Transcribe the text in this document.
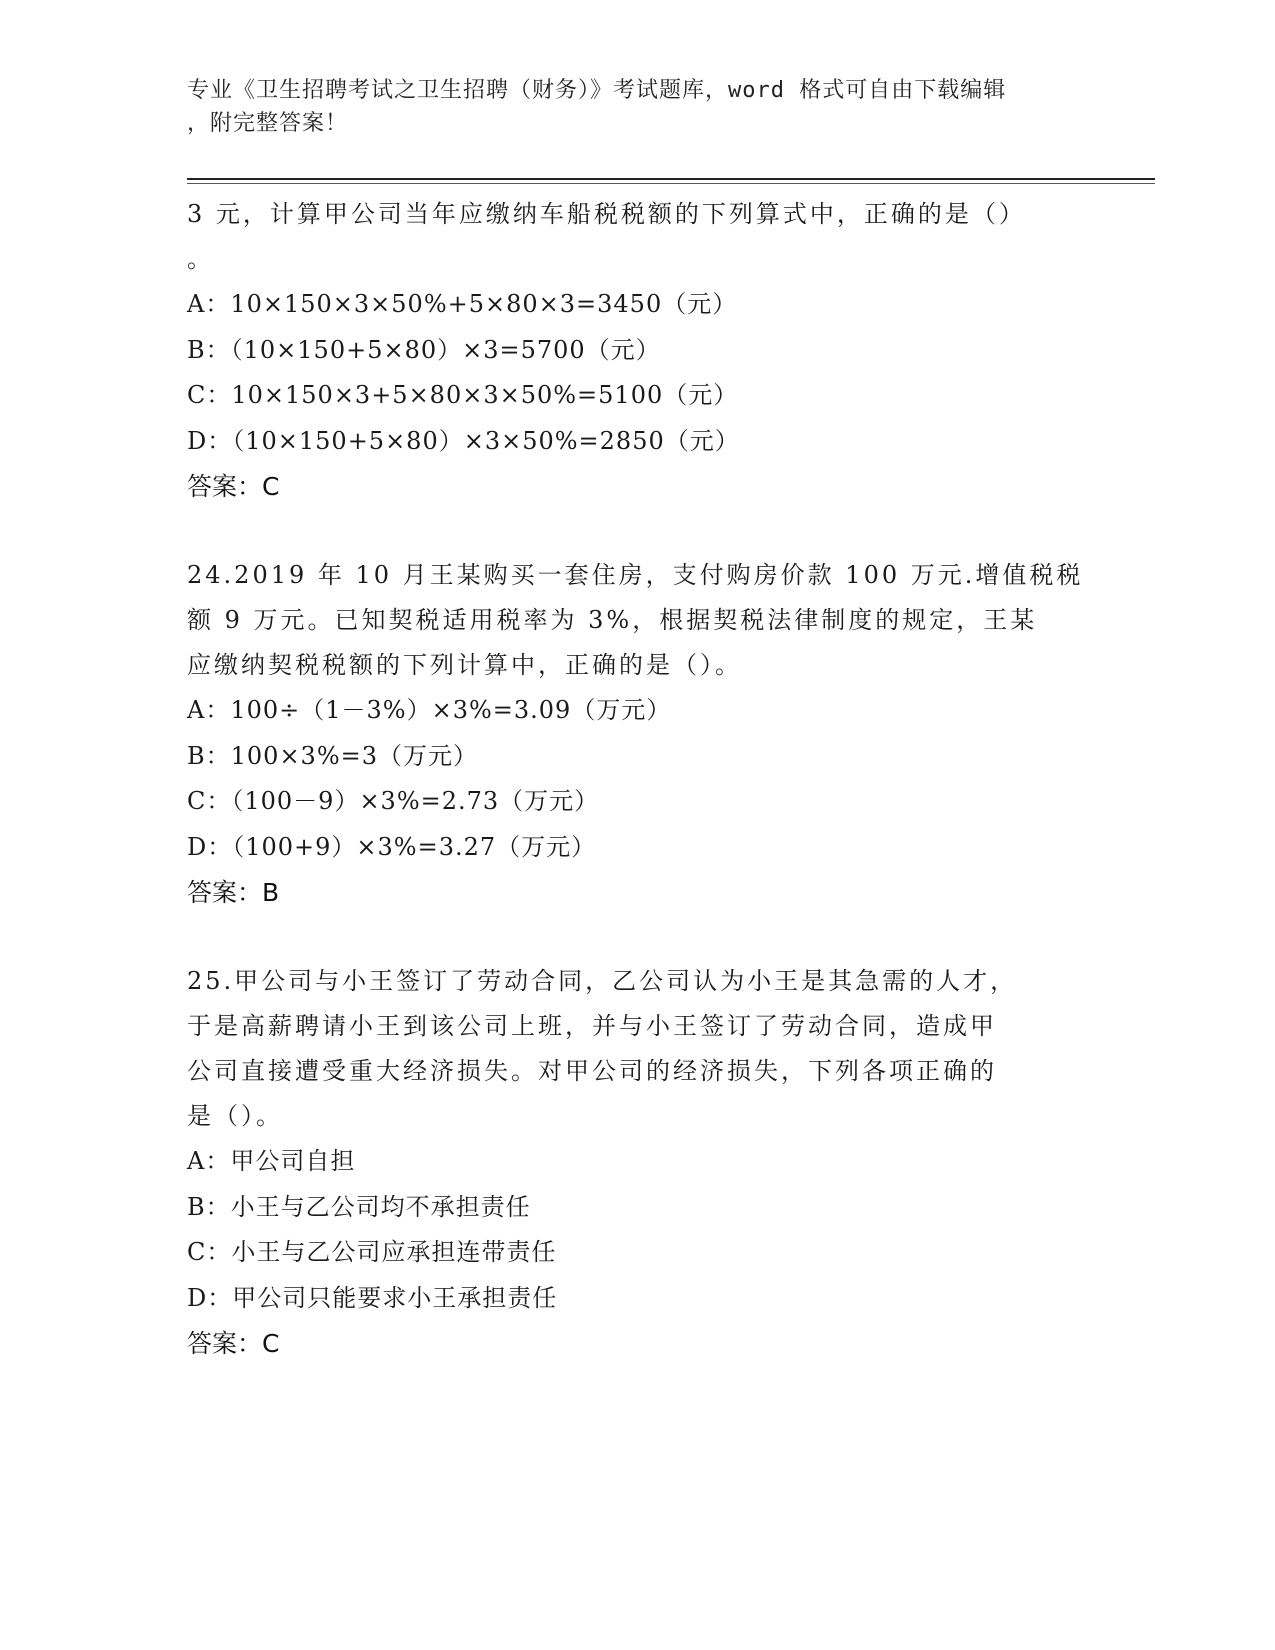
专业《卫生招聘考试之卫生招聘（财务）》考试题库，word 格式可自由下载编辑
，附完整答案！
3 元，计算甲公司当年应缴纳车船税税额的下列算式中，正确的是（）
。
A：10×150×3×50%+5×80×3=3450（元）
B：（10×150+5×80）×3=5700（元）
C：10×150×3+5×80×3×50%=5100（元）
D：（10×150+5×80）×3×50%=2850（元）
答案：C
24.2019 年 10 月王某购买一套住房，支付购房价款 100 万元.增值税税
额 9 万元。已知契税适用税率为 3%，根据契税法律制度的规定，王某
应缴纳契税税额的下列计算中，正确的是（）。
A：100÷（1－3%）×3%=3.09（万元）
B：100×3%=3（万元）
C：（100－9）×3%=2.73（万元）
D：（100+9）×3%=3.27（万元）
答案：B
25.甲公司与小王签订了劳动合同，乙公司认为小王是其急需的人才，
于是高薪聘请小王到该公司上班，并与小王签订了劳动合同，造成甲
公司直接遭受重大经济损失。对甲公司的经济损失，下列各项正确的
是（）。
A：甲公司自担
B：小王与乙公司均不承担责任
C：小王与乙公司应承担连带责任
D：甲公司只能要求小王承担责任
答案：C
